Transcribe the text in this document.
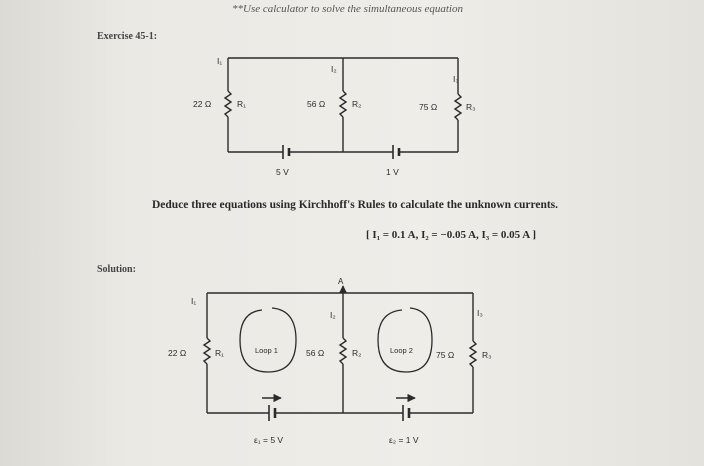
**Use calculator to solve the simultaneous equation
Exercise 45-1:
Deduce three equations using Kirchhoff's Rules to calculate the unknown currents.
[ I₁ = 0.1 A, I₂ = −0.05 A, I₃ = 0.05 A ]
Solution:
I₁
I₂
I₃
22 Ω	R₁	56 Ω	R₂	75 Ω	R₃
5 V	1 V
A
I₁
I₂	I₃
22 Ω	R₁	56 Ω	R₂	75 Ω	R₃
Loop 1	Loop 2
ε₁ = 5 V	ε₂ = 1 V
